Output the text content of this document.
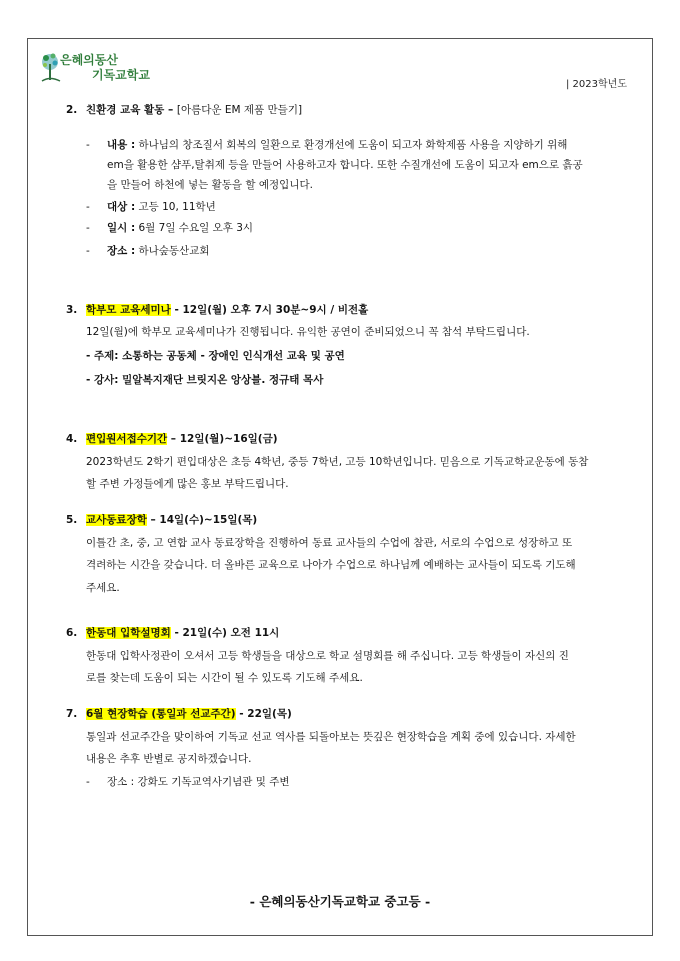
은혜의동산
기독교학교
| 2023학년도
2. 친환경 교육 활동 – [아름다운 EM 제품 만들기]
- 내용 : 하나님의 창조질서 회복의 일환으로 환경개선에 도움이 되고자 화학제품 사용을 지양하기 위해
em을 활용한 샴푸,탈취제 등을 만들어 사용하고자 합니다. 또한 수질개선에 도움이 되고자 em으로 흙공
을 만들어 하천에 넣는 활동을 할 예정입니다.
- 대상 : 고등 10, 11학년
- 일시 : 6월 7일 수요일 오후 3시
- 장소 : 하나숲동산교회
3. 학부모 교육세미나 - 12일(월) 오후 7시 30분~9시 / 비전홀
12일(월)에 학부모 교육세미나가 진행됩니다. 유익한 공연이 준비되었으니 꼭 참석 부탁드립니다.
- 주제: 소통하는 공동체 - 장애인 인식개선 교육 및 공연
- 강사: 밀알복지재단 브릿지온 앙상블. 정규태 목사
4. 편입원서접수기간 – 12일(월)~16일(금)
2023학년도 2학기 편입대상은 초등 4학년, 중등 7학년, 고등 10학년입니다. 믿음으로 기독교학교운동에 동참
할 주변 가정들에게 많은 홍보 부탁드립니다.
5. 교사동료장학 – 14일(수)~15일(목)
이틀간 초, 중, 고 연합 교사 동료장학을 진행하여 동료 교사들의 수업에 참관, 서로의 수업으로 성장하고 또
격려하는 시간을 갖습니다. 더 올바른 교육으로 나아가 수업으로 하나님께 예배하는 교사들이 되도록 기도해
주세요.
6. 한동대 입학설명회 - 21일(수) 오전 11시
한동대 입학사정관이 오셔서 고등 학생들을 대상으로 학교 설명회를 해 주십니다. 고등 학생들이 자신의 진
로를 찾는데 도움이 되는 시간이 될 수 있도록 기도해 주세요.
7. 6월 현장학습 (통일과 선교주간) - 22일(목)
통일과 선교주간을 맞이하여 기독교 선교 역사를 되돌아보는 뜻깊은 현장학습을 계획 중에 있습니다. 자세한
내용은 추후 반별로 공지하겠습니다.
- 장소 : 강화도 기독교역사기념관 및 주변
- 은혜의동산기독교학교 중고등 -
